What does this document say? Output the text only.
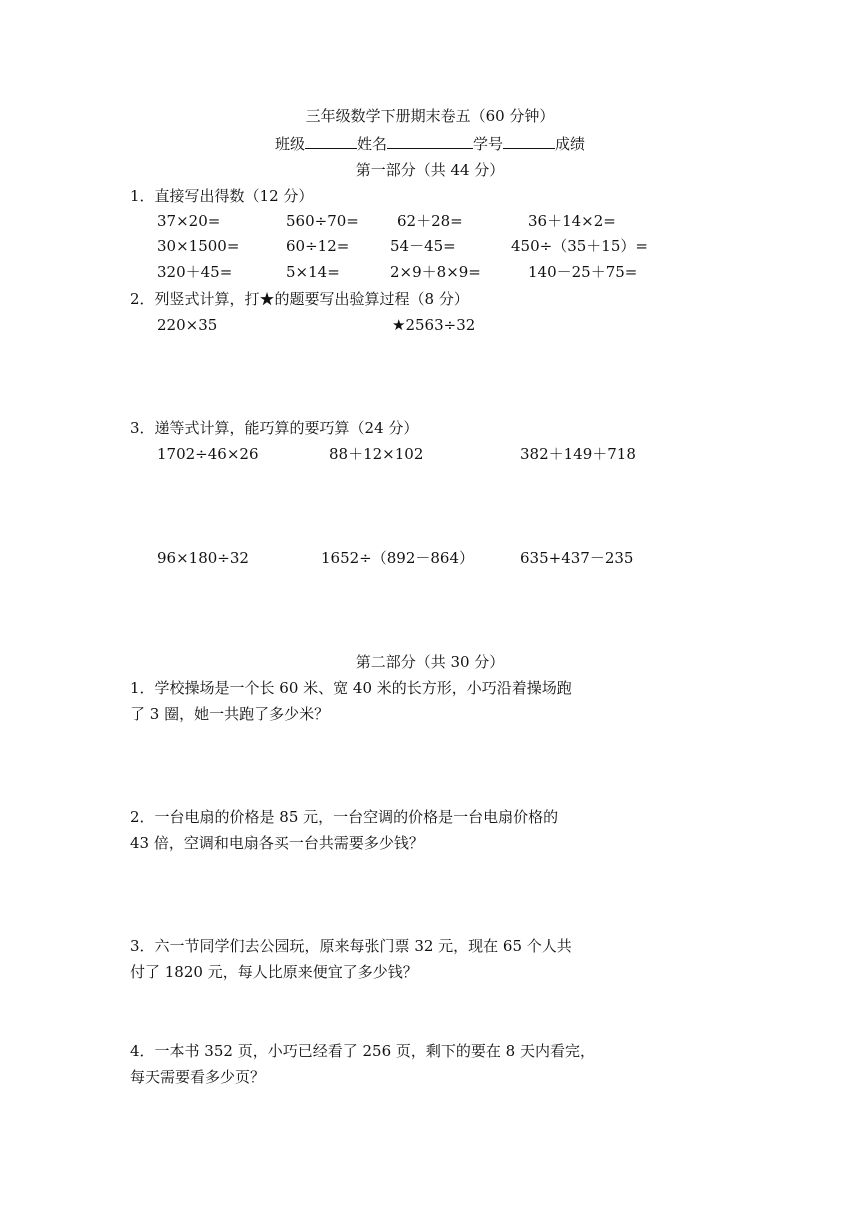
三年级数学下册期末卷五（60 分钟）
班级	姓名	学号	成绩
第一部分（共 44 分）
1．直接写出得数（12 分）
37×20=	560÷70=	62＋28=	36＋14×2=
30×1500=	60÷12=	54－45=	450÷（35＋15）=
320＋45=	5×14=	2×9＋8×9=	140－25＋75=
2．列竖式计算，打★的题要写出验算过程（8 分）
220×35	★2563÷32
3．递等式计算，能巧算的要巧算（24 分）
1702÷46×26	88＋12×102	382＋149＋718
96×180÷32	1652÷（892－864）	635+437－235
第二部分（共 30 分）
1．学校操场是一个长 60 米、宽 40 米的长方形，小巧沿着操场跑
了 3 圈，她一共跑了多少米？
2．一台电扇的价格是 85 元，一台空调的价格是一台电扇价格的
43 倍，空调和电扇各买一台共需要多少钱？
3．六一节同学们去公园玩，原来每张门票 32 元，现在 65 个人共
付了 1820 元，每人比原来便宜了多少钱？
4．一本书 352 页，小巧已经看了 256 页，剩下的要在 8 天内看完，
每天需要看多少页？
